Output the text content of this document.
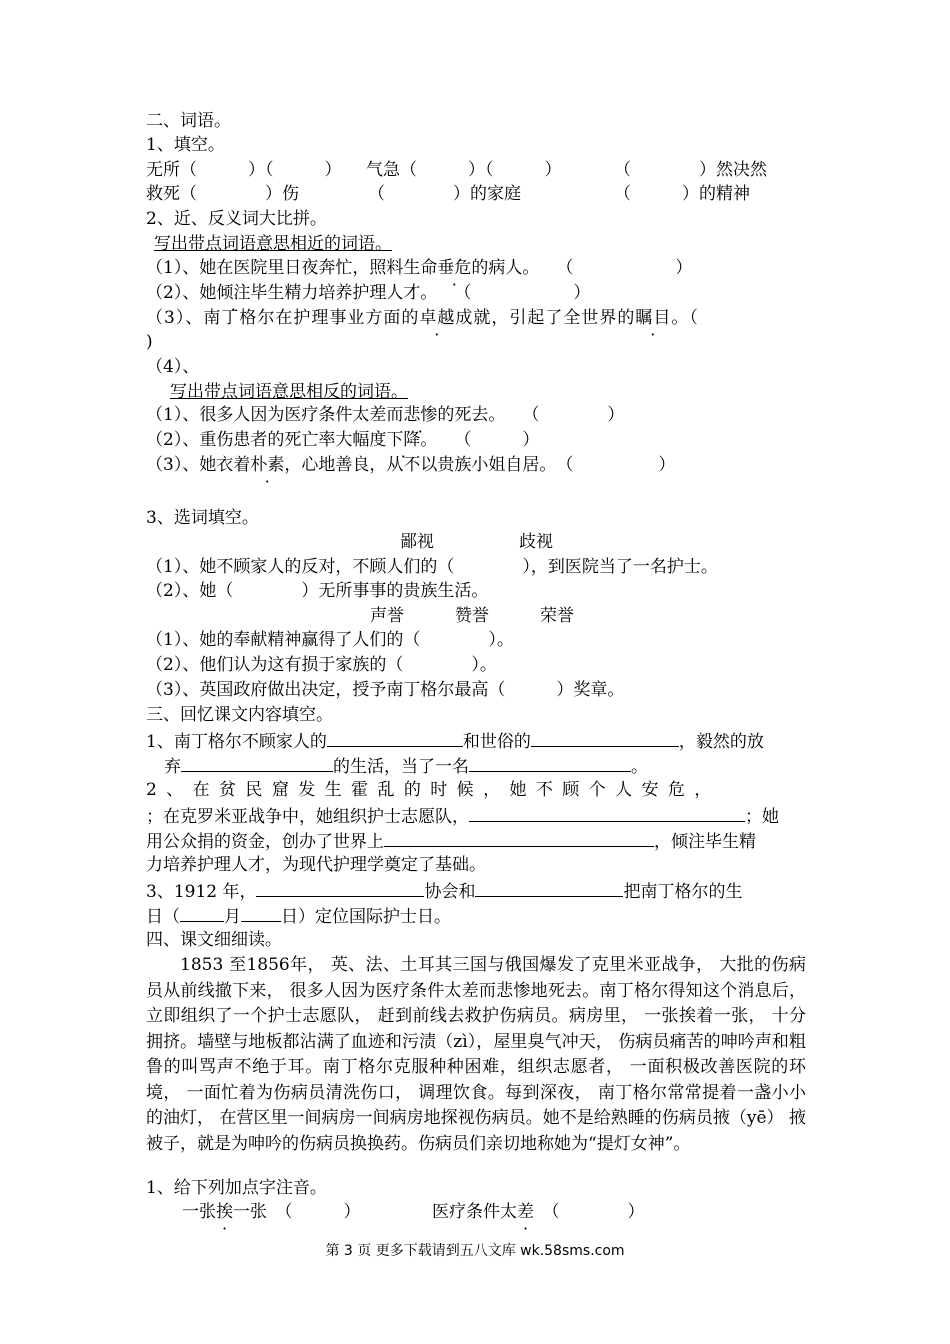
二、词语。
1、填空。
无所（　　　）（　　　） 气急（　　　）（　　　）	（　　　　）然决然
救死（　　　　）伤	（　　　　）的家庭	（　　　）的精神
2、近、反义词大比拼。
写出带点词语意思相近的词语。
（1）、她在医院里日夜奔忙，照料生命垂危的病人。　　（　　　　　　）
（2）、她倾注毕生精力培养护理人才。　　（　　　　　　）
（3）、南丁格尔在护理事业方面的卓越成就，引起了全世界的瞩目。（
)
（4）、
写出带点词语意思相反的词语。
（1）、很多人因为医疗条件太差而悲惨的死去。　　（　　　　）
（2）、重伤患者的死亡率大幅度下降。　　（　　　）
（3）、她衣着朴素，心地善良，从不以贵族小姐自居。　（　　　　　）
3、选词填空。
鄙视　　　　　歧视
（1）、她不顾家人的反对，不顾人们的（　　　　），到医院当了一名护士。
（2）、她（　　　　）无所事事的贵族生活。
声誉　　　赞誉　　　荣誉
（1）、她的奉献精神赢得了人们的（　　　　）。
（2）、他们认为这有损于家族的（　　　　）。
（3）、英国政府做出决定，授予南丁格尔最高（　　　）奖章。
三、回忆课文内容填空。
1、南丁格尔不顾家人的	和世俗的	，毅然的放
弃	的生活，当了一名	。
2 、 在 贫 民 窟 发 生 霍 乱 的 时 候 ， 她 不 顾 个 人 安 危 ，
；在克罗米亚战争中，她组织护士志愿队，	；她
用公众捐的资金，创办了世界上	，倾注毕生精
力培养护理人才，为现代护理学奠定了基础。
3、1912 年，	协会和	把南丁格尔的生
日（	月 日）定位国际护士日。
四、课文细细读。
1853 至1856年， 英、法、土耳其三国与俄国爆发了克里米亚战争， 大批的伤病员从前线撤下来， 很多人因为医疗条件太差而悲惨地死去。南丁格尔得知这个消息后， 立即组织了一个护士志愿队， 赶到前线去救护伤病员。病房里， 一张挨着一张， 十分拥挤。墙壁与地板都沾满了血迹和污渍（zì），屋里臭气冲天， 伤病员痛苦的呻吟声和粗鲁的叫骂声不绝于耳。南丁格尔克服种种困难，组织志愿者， 一面积极改善医院的环境， 一面忙着为伤病员清洗伤口， 调理饮食。每到深夜， 南丁格尔常常提着一盏小小的油灯， 在营区里一间病房一间病房地探视伤病员。她不是给熟睡的伤病员掖（yē） 掖被子，就是为呻吟的伤病员换换药。伤病员们亲切地称她为“提灯女神”。
1、给下列加点字注音。
一张挨一张　（　　　）	医疗条件太差　（　　　　）
第 3 页 更多下载请到五八文库 wk.58sms.com
